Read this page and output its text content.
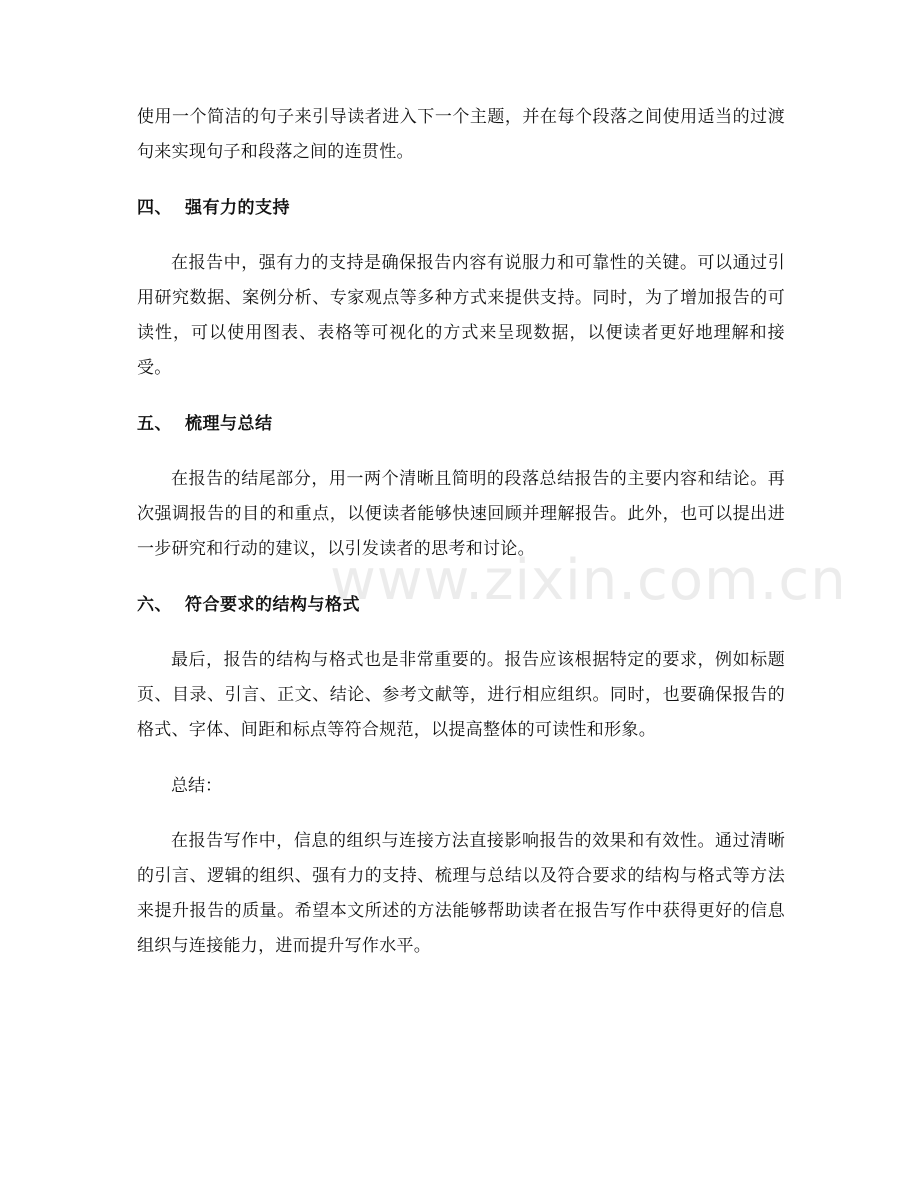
www.zixin.com.cn

使用一个简洁的句子来引导读者进入下一个主题，并在每个段落之间使用适当的过渡句来实现句子和段落之间的连贯性。

四、 强有力的支持

在报告中，强有力的支持是确保报告内容有说服力和可靠性的关键。可以通过引用研究数据、案例分析、专家观点等多种方式来提供支持。同时，为了增加报告的可读性，可以使用图表、表格等可视化的方式来呈现数据，以便读者更好地理解和接受。

五、 梳理与总结

在报告的结尾部分，用一两个清晰且简明的段落总结报告的主要内容和结论。再次强调报告的目的和重点，以便读者能够快速回顾并理解报告。此外，也可以提出进一步研究和行动的建议，以引发读者的思考和讨论。

六、 符合要求的结构与格式

最后，报告的结构与格式也是非常重要的。报告应该根据特定的要求，例如标题页、目录、引言、正文、结论、参考文献等，进行相应组织。同时，也要确保报告的格式、字体、间距和标点等符合规范，以提高整体的可读性和形象。

总结：

在报告写作中，信息的组织与连接方法直接影响报告的效果和有效性。通过清晰的引言、逻辑的组织、强有力的支持、梳理与总结以及符合要求的结构与格式等方法来提升报告的质量。希望本文所述的方法能够帮助读者在报告写作中获得更好的信息组织与连接能力，进而提升写作水平。
